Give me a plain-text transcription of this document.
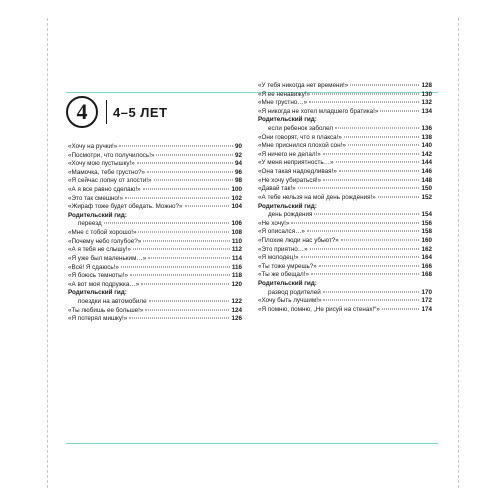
4	4–5 ЛЕТ
«Хочу на ручки!»	90
«Посмотри, что получилось!»	92
«Хочу мою пустышку!»	94
«Мамочка, тебе грустно?»	96
«Я сейчас лопну от злости!»	98
«А я все равно сделаю!»	100
«Это так смешно!»	102
«Жираф тоже будет обедать. Можно?»	104
Родительский гид:
переезд	106
«Мне с тобой хорошо!»	108
«Почему небо голубое?»	110
«А я тебя не слышу!»	112
«Я уже был маленьким…»	114
«Всё! Я сдаюсь!»	116
«Я боюсь темноты!»	118
«А вот моя подружка…»	120
Родительский гид:
поездки на автомобиле	122
«Ты любишь ее больше!»	124
«Я потерял мишку!»	126
«У тебя никогда нет времени!»	128
«Я ее ненавижу!»	130
«Мне грустно…»	132
«Я никогда не хотел младшего братика!»	134
Родительский гид:
если ребенок заболел	136
«Они говорят, что я плакса!»	138
«Мне приснился плохой сон!»	140
«Я ничего не делал!»	142
«У меня неприятность…»	144
«Она такая надоедливая!»	146
«Не хочу убираться!»	148
«Давай так!»	150
«А тебе нельзя на мой день рождения!»	152
Родительский гид:
день рождения	154
«Не хочу!»	156
«Я описался…»	158
«Плохие люди нас убьют?»	160
«Это приятно…»	162
«Я молодец!»	164
«Ты тоже умрешь?»	166
«Ты же обещал!»	168
Родительский гид:
развод родителей	170
«Хочу быть лучшим!»	172
«Я помню, помню, „Не рисуй на стенах!“»	174
